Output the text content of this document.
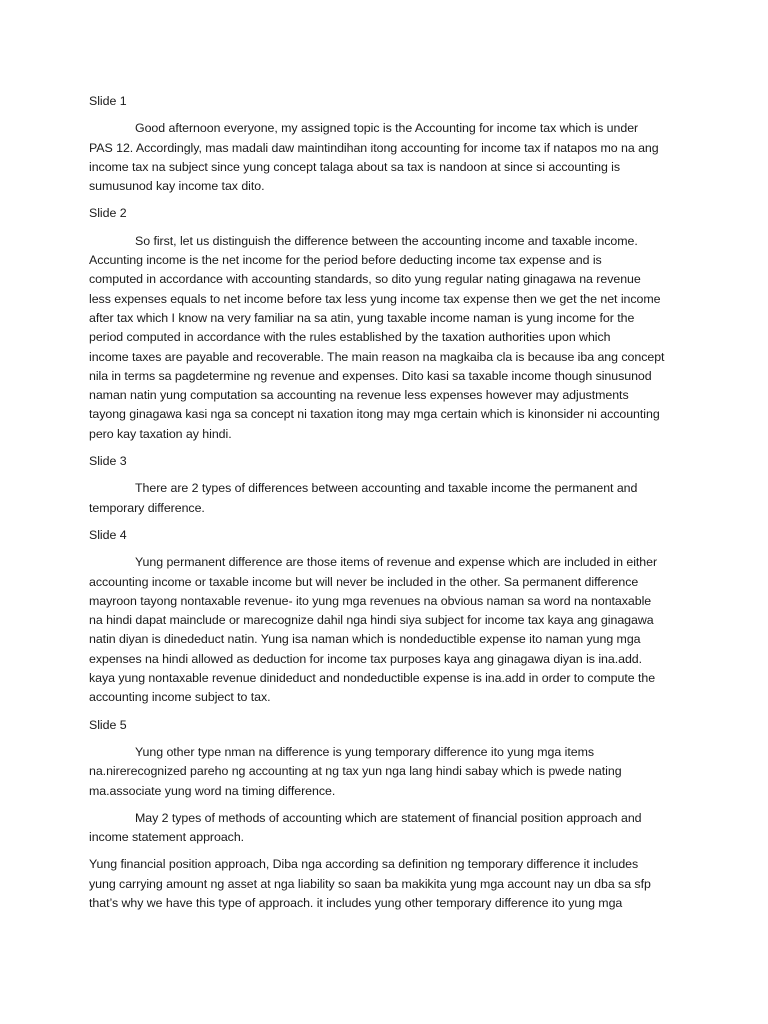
Slide 1
Good afternoon everyone, my assigned topic is the Accounting for income tax which is under
PAS 12. Accordingly, mas madali daw maintindihan itong accounting for income tax if natapos mo na ang
income tax na subject since yung concept talaga about sa tax is nandoon at since si accounting is
sumusunod kay income tax dito.
Slide 2
So first, let us distinguish the difference between the accounting income and taxable income.
Accunting income is the net income for the period before deducting income tax expense and is
computed in accordance with accounting standards, so dito yung regular nating ginagawa na revenue
less expenses equals to net income before tax less yung income tax expense then we get the net income
after tax which I know na very familiar na sa atin, yung taxable income naman is yung income for the
period computed in accordance with the rules established by the taxation authorities upon which
income taxes are payable and recoverable. The main reason na magkaiba cla is because iba ang concept
nila in terms sa pagdetermine ng revenue and expenses. Dito kasi sa taxable income though sinusunod
naman natin yung computation sa accounting na revenue less expenses however may adjustments
tayong ginagawa kasi nga sa concept ni taxation itong may mga certain which is kinonsider ni accounting
pero kay taxation ay hindi.
Slide 3
There are 2 types of differences between accounting and taxable income the permanent and
temporary difference.
Slide 4
Yung permanent difference are those items of revenue and expense which are included in either
accounting income or taxable income but will never be included in the other. Sa permanent difference
mayroon tayong nontaxable revenue- ito yung mga revenues na obvious naman sa word na nontaxable
na hindi dapat mainclude or marecognize dahil nga hindi siya subject for income tax kaya ang ginagawa
natin diyan is dinededuct natin. Yung isa naman which is nondeductible expense ito naman yung mga
expenses na hindi allowed as deduction for income tax purposes kaya ang ginagawa diyan is ina.add.
kaya yung nontaxable revenue dinideduct and nondeductible expense is ina.add in order to compute the
accounting income subject to tax.
Slide 5
Yung other type nman na difference is yung temporary difference ito yung mga items
na.nirerecognized pareho ng accounting at ng tax yun nga lang hindi sabay which is pwede nating
ma.associate yung word na timing difference.
May 2 types of methods of accounting which are statement of financial position approach and
income statement approach.
Yung financial position approach, Diba nga according sa definition ng temporary difference it includes
yung carrying amount ng asset at nga liability so saan ba makikita yung mga account nay un dba sa sfp
that’s why we have this type of approach. it includes yung other temporary difference ito yung mga
